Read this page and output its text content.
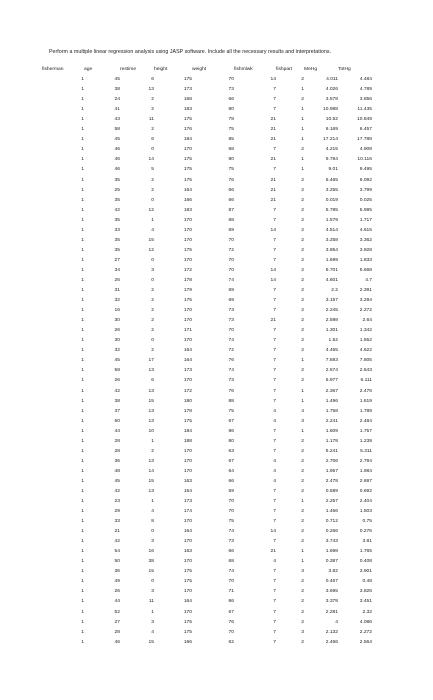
Perform a multiple linear regression analysis using JASP software. Include all the necessary results and interpretations.
fisherman	age	restime	height	weight	fishmlwk	fishpart	MeHg	TotHg
1	45	6	175	70	14	2	4.011	4.484
1	38	13	173	73	7	1	4.026	4.789
1	24	2	168	66	7	2	3.578	3.856
1	41	2	183	80	7	1	10.988	11.435
1	43	11	175	78	21	1	10.52	10.849
1	58	2	176	75	21	1	6.169	6.457
1	45	6	184	85	21	1	17.214	17.788
1	46	0	170	68	7	2	4.215	4.908
1	46	14	175	80	21	1	9.784	10.116
1	46	5	175	75	7	1	9.01	9.495
1	35	2	175	76	21	2	5.465	6.092
1	25	2	164	66	21	2	3.255	3.799
1	35	0	166	66	21	2	0.019	0.025
1	42	12	183	87	7	2	5.785	5.995
1	35	1	170	68	7	2	1.579	1.717
1	33	4	170	69	14	2	4.514	4.615
1	35	15	170	70	7	2	3.258	3.362
1	35	12	175	72	7	2	3.854	3.928
1	27	0	170	70	7	2	1.699	1.833
1	34	3	172	70	14	2	5.701	5.668
1	26	0	178	74	14	2	4.601	4.7
1	31	2	179	69	7	2	2.2	2.391
1	32	2	175	69	7	2	3.157	3.294
1	16	2	170	73	7	2	2.245	2.272
1	30	2	170	73	21	2	2.598	2.64
1	26	2	171	70	7	2	1.301	1.342
1	30	0	170	74	7	2	1.52	1.552
1	32	2	164	72	7	2	4.455	4.622
1	45	17	164	76	7	1	7.593	7.805
1	58	13	173	74	7	2	2.574	2.643
1	26	6	170	73	7	2	5.977	6.111
1	42	13	172	76	7	1	2.367	2.476
1	38	15	180	88	7	1	1.496	1.619
1	37	13	178	75	4	4	1.758	1.789
1	50	13	175	67	4	3	2.241	2.484
1	44	10	184	86	7	1	1.609	1.757
1	28	1	188	80	7	2	1.178	1.239
1	28	2	170	63	7	2	5.241	5.311
1	36	13	170	67	4	2	2.706	2.794
1	48	14	170	64	4	2	1.957	1.984
1	45	15	163	66	4	2	2.478	2.697
1	42	13	154	59	7	2	0.589	0.692
1	23	1	173	70	7	1	2.257	2.404
1	29	4	174	70	7	2	1.466	1.503
1	33	8	170	75	7	2	0.712	0.75
1	21	0	164	74	14	2	0.266	0.276
1	42	3	170	73	7	2	3.743	3.81
1	54	16	163	66	21	1	1.698	1.765
1	50	38	170	68	4	1	0.387	0.408
1	36	15	175	74	7	3	3.82	3.901
1	49	0	175	70	7	2	0.467	0.48
1	26	3	170	71	7	2	3.695	3.826
1	44	11	164	86	7	2	3.378	3.451
1	52	1	170	67	7	2	2.281	2.32
1	27	3	175	76	7	2	4	4.086
1	28	4	175	70	7	3	2.132	2.272
1	46	15	166	62	7	2	2.466	2.564
